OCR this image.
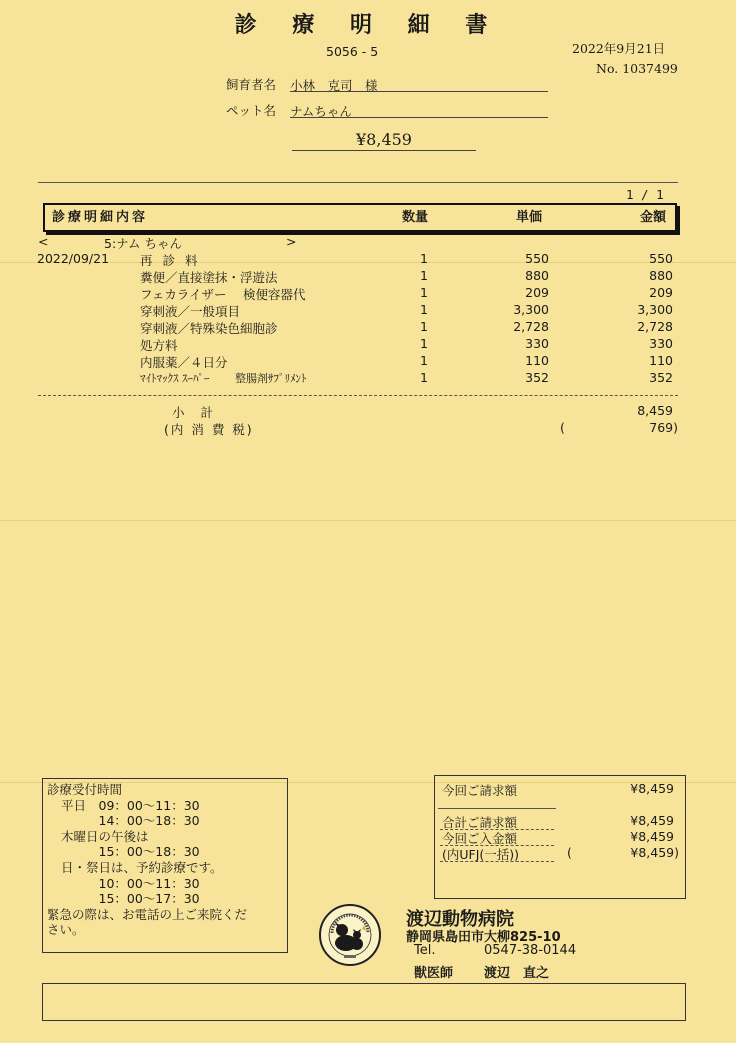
診 療 明 細 書
5056 - 5	2022年9月21日
No. 1037499
飼育者名 小林　克司　様
ペット名 ナムちゃん
¥8,459
1 / 1
診療明細内容	数量	単価	金額
<	5:ナム ちゃん	>
2022/09/21 再 診 料	1	550	550
糞便／直接塗抹・浮遊法	1	880	880
フェカライザー　 検便容器代	1	209	209
穿刺液／一般項目	1	3,300	3,300
穿刺液／特殊染色細胞診	1	2,728	2,728
処方料	1	330	330
内服薬／４日分	1	110	110
ﾏｲﾄﾏｯｸｽ ｽｰﾊﾟｰ　　 整腸剤ｻﾌﾟﾘﾒﾝﾄ	1	352	352
小 計	8,459
(内 消 費 税)	(	769)
診療受付時間
平日　09：00～11：30
　　　14：00～18：30
木曜日の午後は
　　　15：00～18：30
日・祭日は、予約診療です。
　　　10：00～11：30
　　　15：00～17：30
緊急の際は、お電話の上ご来院くだ
さい。
今回ご請求額	¥8,459
合計ご請求額	¥8,459
今回ご入金額	¥8,459
(内UFJ(一括))	(	¥8,459)
渡辺動物病院
静岡県島田市大柳825-10
Tel.	0547-38-0144
獣医師 渡辺　直之
